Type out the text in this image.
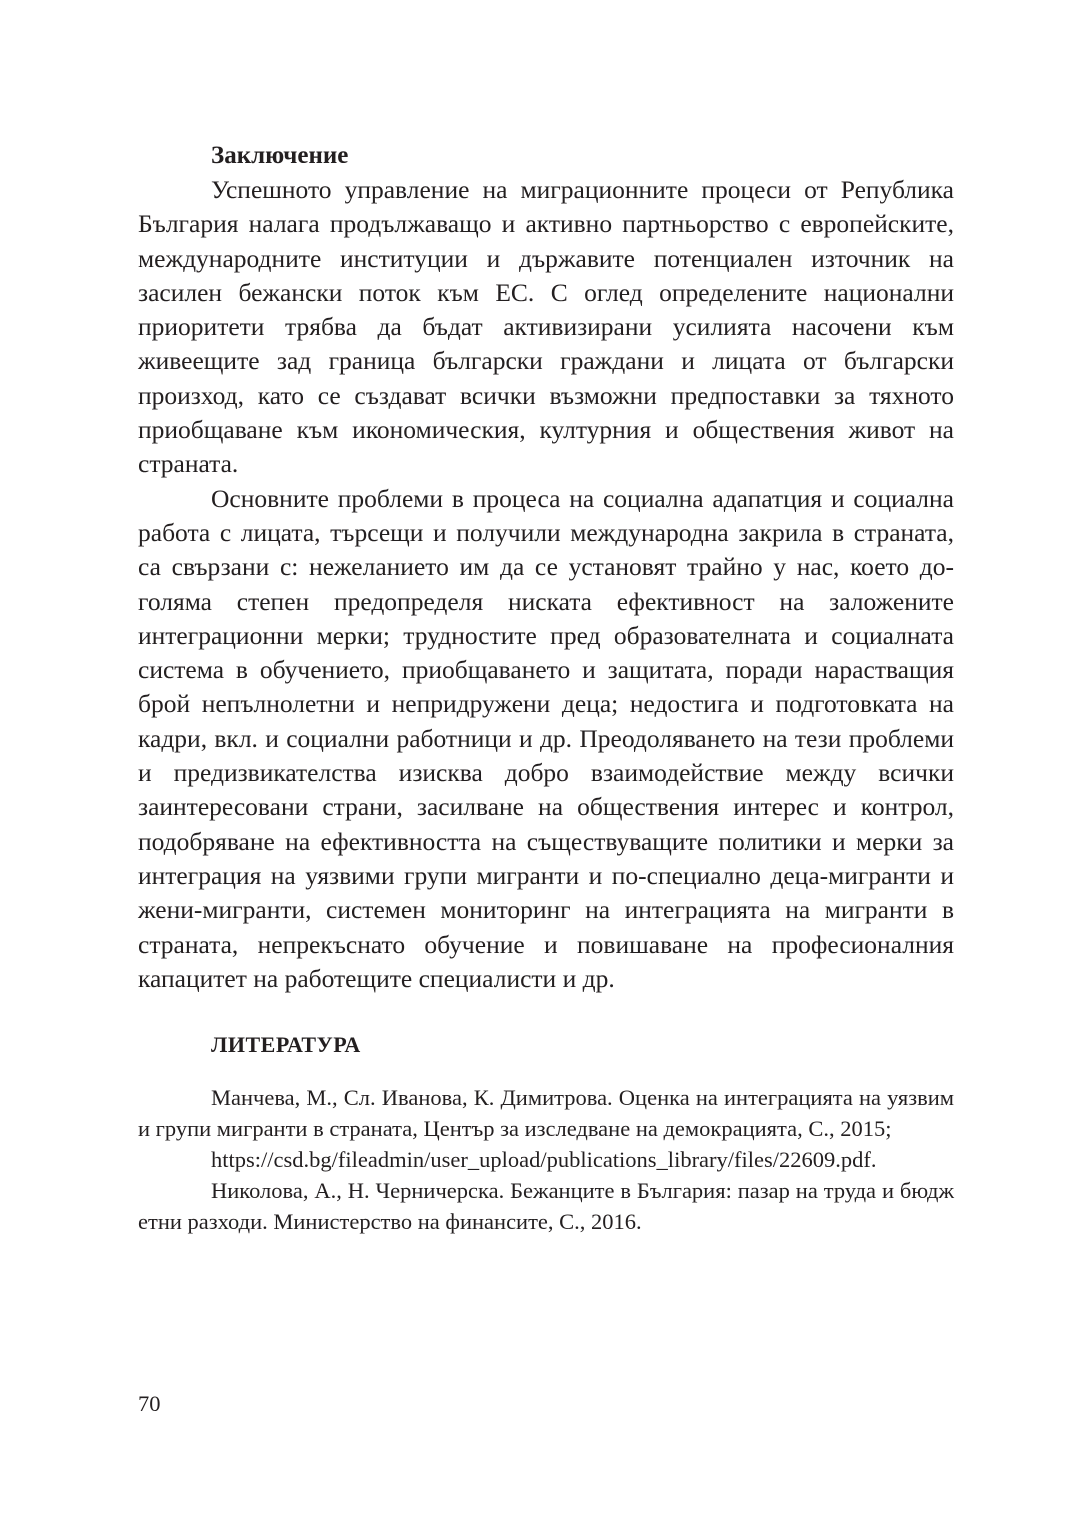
Заключение

Успешното управление на миграционните процеси от Република България налага продължаващо и активно партньорство с европейските, международните институции и държавите потенциален източник на засилен бежански поток към ЕС. С оглед определените национални приоритети трябва да бъдат активизирани усилията насочени към живеещите зад граница български граждани и лицата от български произход, като се създават всички възможни предпоставки за тяхното приобщаване към икономическия, културния и обществения живот на страната.

Основните проблеми в процеса на социална адапатция и социална работа с лицата, търсещи и получили международна закрила в страната, са свързани с: нежеланието им да се установят трайно у нас, което до-голяма степен предопределя ниската ефективност на заложените интеграционни мерки; трудностите пред образователната и социалната система в обучението, приобщаването и защитата, поради нарастващия брой непълнолетни и непридружени деца; недостига и подготовката на кадри, вкл. и социални работници и др. Преодоляването на тези проблеми и предизвикателства изисква добро взаимодействие между всички заинтересовани страни, засилване на обществения интерес и контрол, подобряване на ефективността на съществуващите политики и мерки за интеграция на уязвими групи мигранти и по-специално деца-мигранти и жени-мигранти, системен мониторинг на интеграцията на мигранти в страната, непрекъснато обучение и повишаване на професионалния капацитет на работещите специалисти и др.

ЛИТЕРАТУРА

Манчева, М., Сл. Иванова, К. Димитрова. Оценка на интеграцията на уязвими групи мигранти в страната, Център за изследване на демокрацията, С., 2015;

https://csd.bg/fileadmin/user_upload/publications_library/files/22609.pdf.

Николова, А., Н. Черничерска. Бежанците в България: пазар на труда и бюджетни разходи. Министерство на финансите, С., 2016.

70
